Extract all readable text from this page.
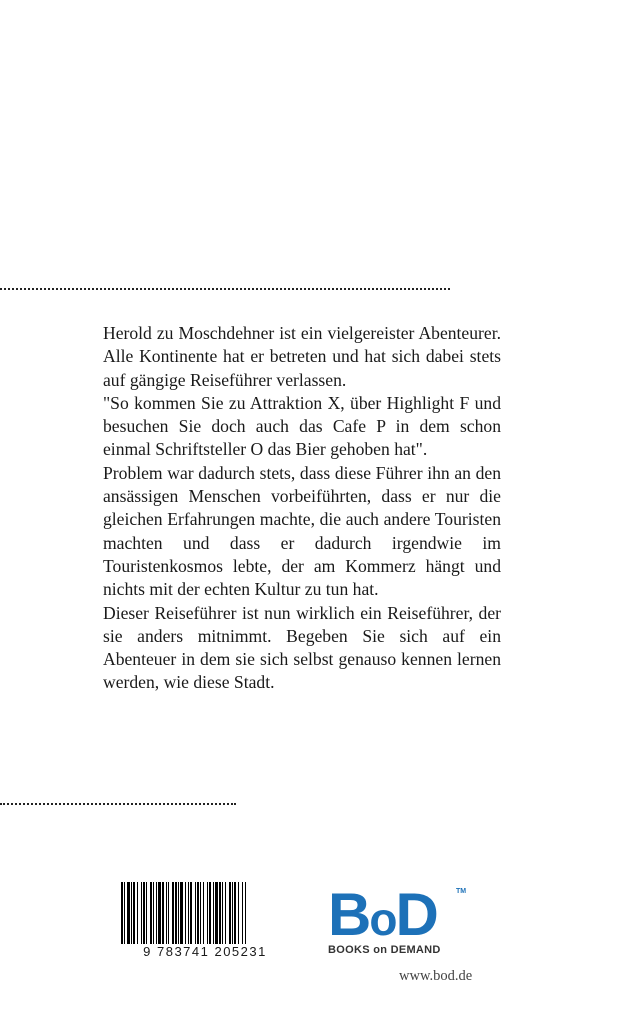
Herold zu Moschdehner ist ein vielgereister Abenteurer. Alle Kontinente hat er betreten und hat sich dabei stets auf gängige Reiseführer verlassen.

"So kommen Sie zu Attraktion X, über Highlight F und besuchen Sie doch auch das Cafe P in dem schon einmal Schriftsteller O das Bier gehoben hat".

Problem war dadurch stets, dass diese Führer ihn an den ansässigen Menschen vorbeiführten, dass er nur die gleichen Erfahrungen machte, die auch andere Touristen machten und dass er dadurch irgendwie im Touristenkosmos lebte, der am Kommerz hängt und nichts mit der echten Kultur zu tun hat.

Dieser Reiseführer ist nun wirklich ein Reiseführer, der sie anders mitnimmt. Begeben Sie sich auf ein Abenteuer in dem sie sich selbst genauso kennen lernen werden, wie diese Stadt.

9 783741 205231
BoD	TM
BOOKS on DEMAND
www.bod.de
